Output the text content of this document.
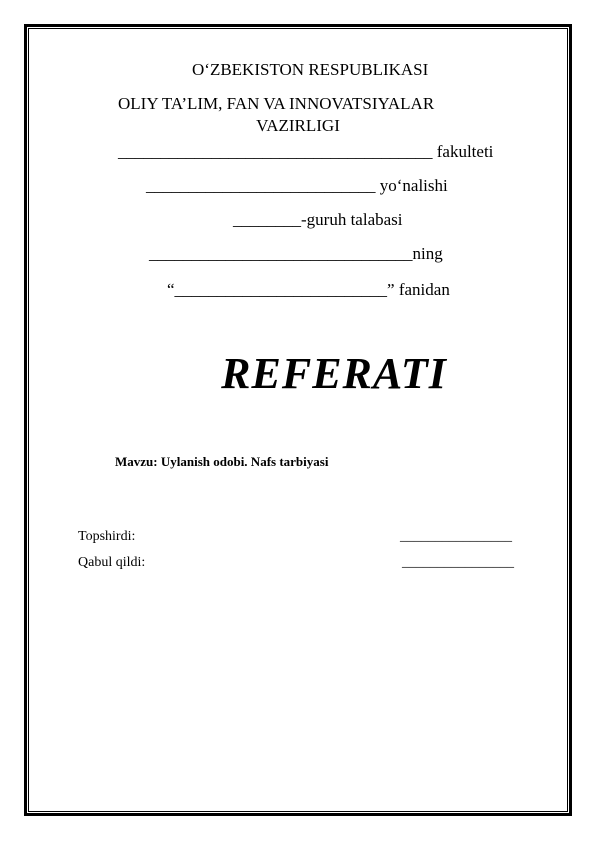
O‘ZBEKISTON RESPUBLIKASI
OLIY TA’LIM, FAN VA INNOVATSIYALAR
VAZIRLIGI
_____________________________________ fakulteti
___________________________ yo‘nalishi
________-guruh talabasi
_______________________________ning
“_________________________” fanidan
REFERATI
Mavzu: Uylanish odobi. Nafs tarbiyasi
Topshirdi:	________________
Qabul qildi:	________________
